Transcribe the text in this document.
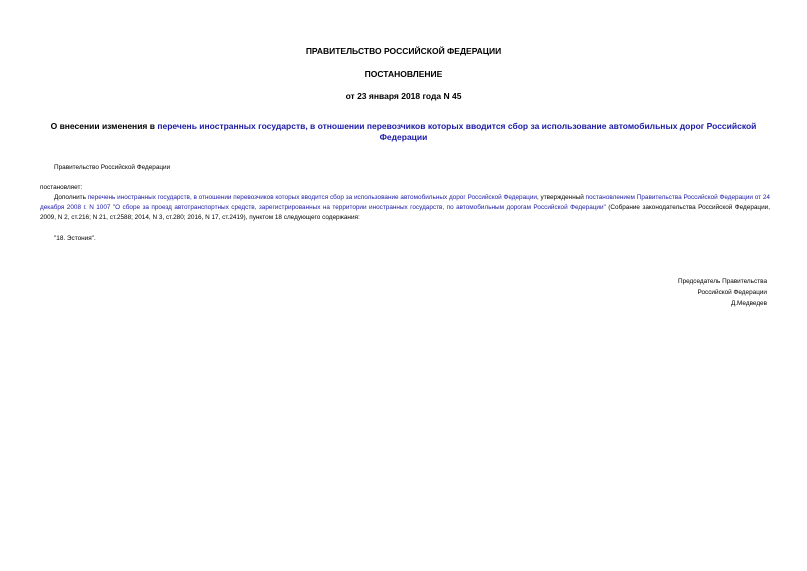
ПРАВИТЕЛЬСТВО РОССИЙСКОЙ ФЕДЕРАЦИИ
ПОСТАНОВЛЕНИЕ
от 23 января 2018 года N 45
О внесении изменения в перечень иностранных государств, в отношении перевозчиков которых вводится сбор за использование автомобильных дорог Российской Федерации
Правительство Российской Федерации
постановляет:
Дополнить перечень иностранных государств, в отношении перевозчиков которых вводится сбор за использование автомобильных дорог Российской Федерации, утвержденный постановлением Правительства Российской Федерации от 24 декабря 2008 г. N 1007 "О сборе за проезд автотранспортных средств, зарегистрированных на территории иностранных государств, по автомобильным дорогам Российской Федерации" (Собрание законодательства Российской Федерации, 2009, N 2, ст.216; N 21, ст.2588; 2014, N 3, ст.280; 2016, N 17, ст.2419), пунктом 18 следующего содержания:
"18. Эстония".
Председатель Правительства
Российской Федерации
Д.Медведев
